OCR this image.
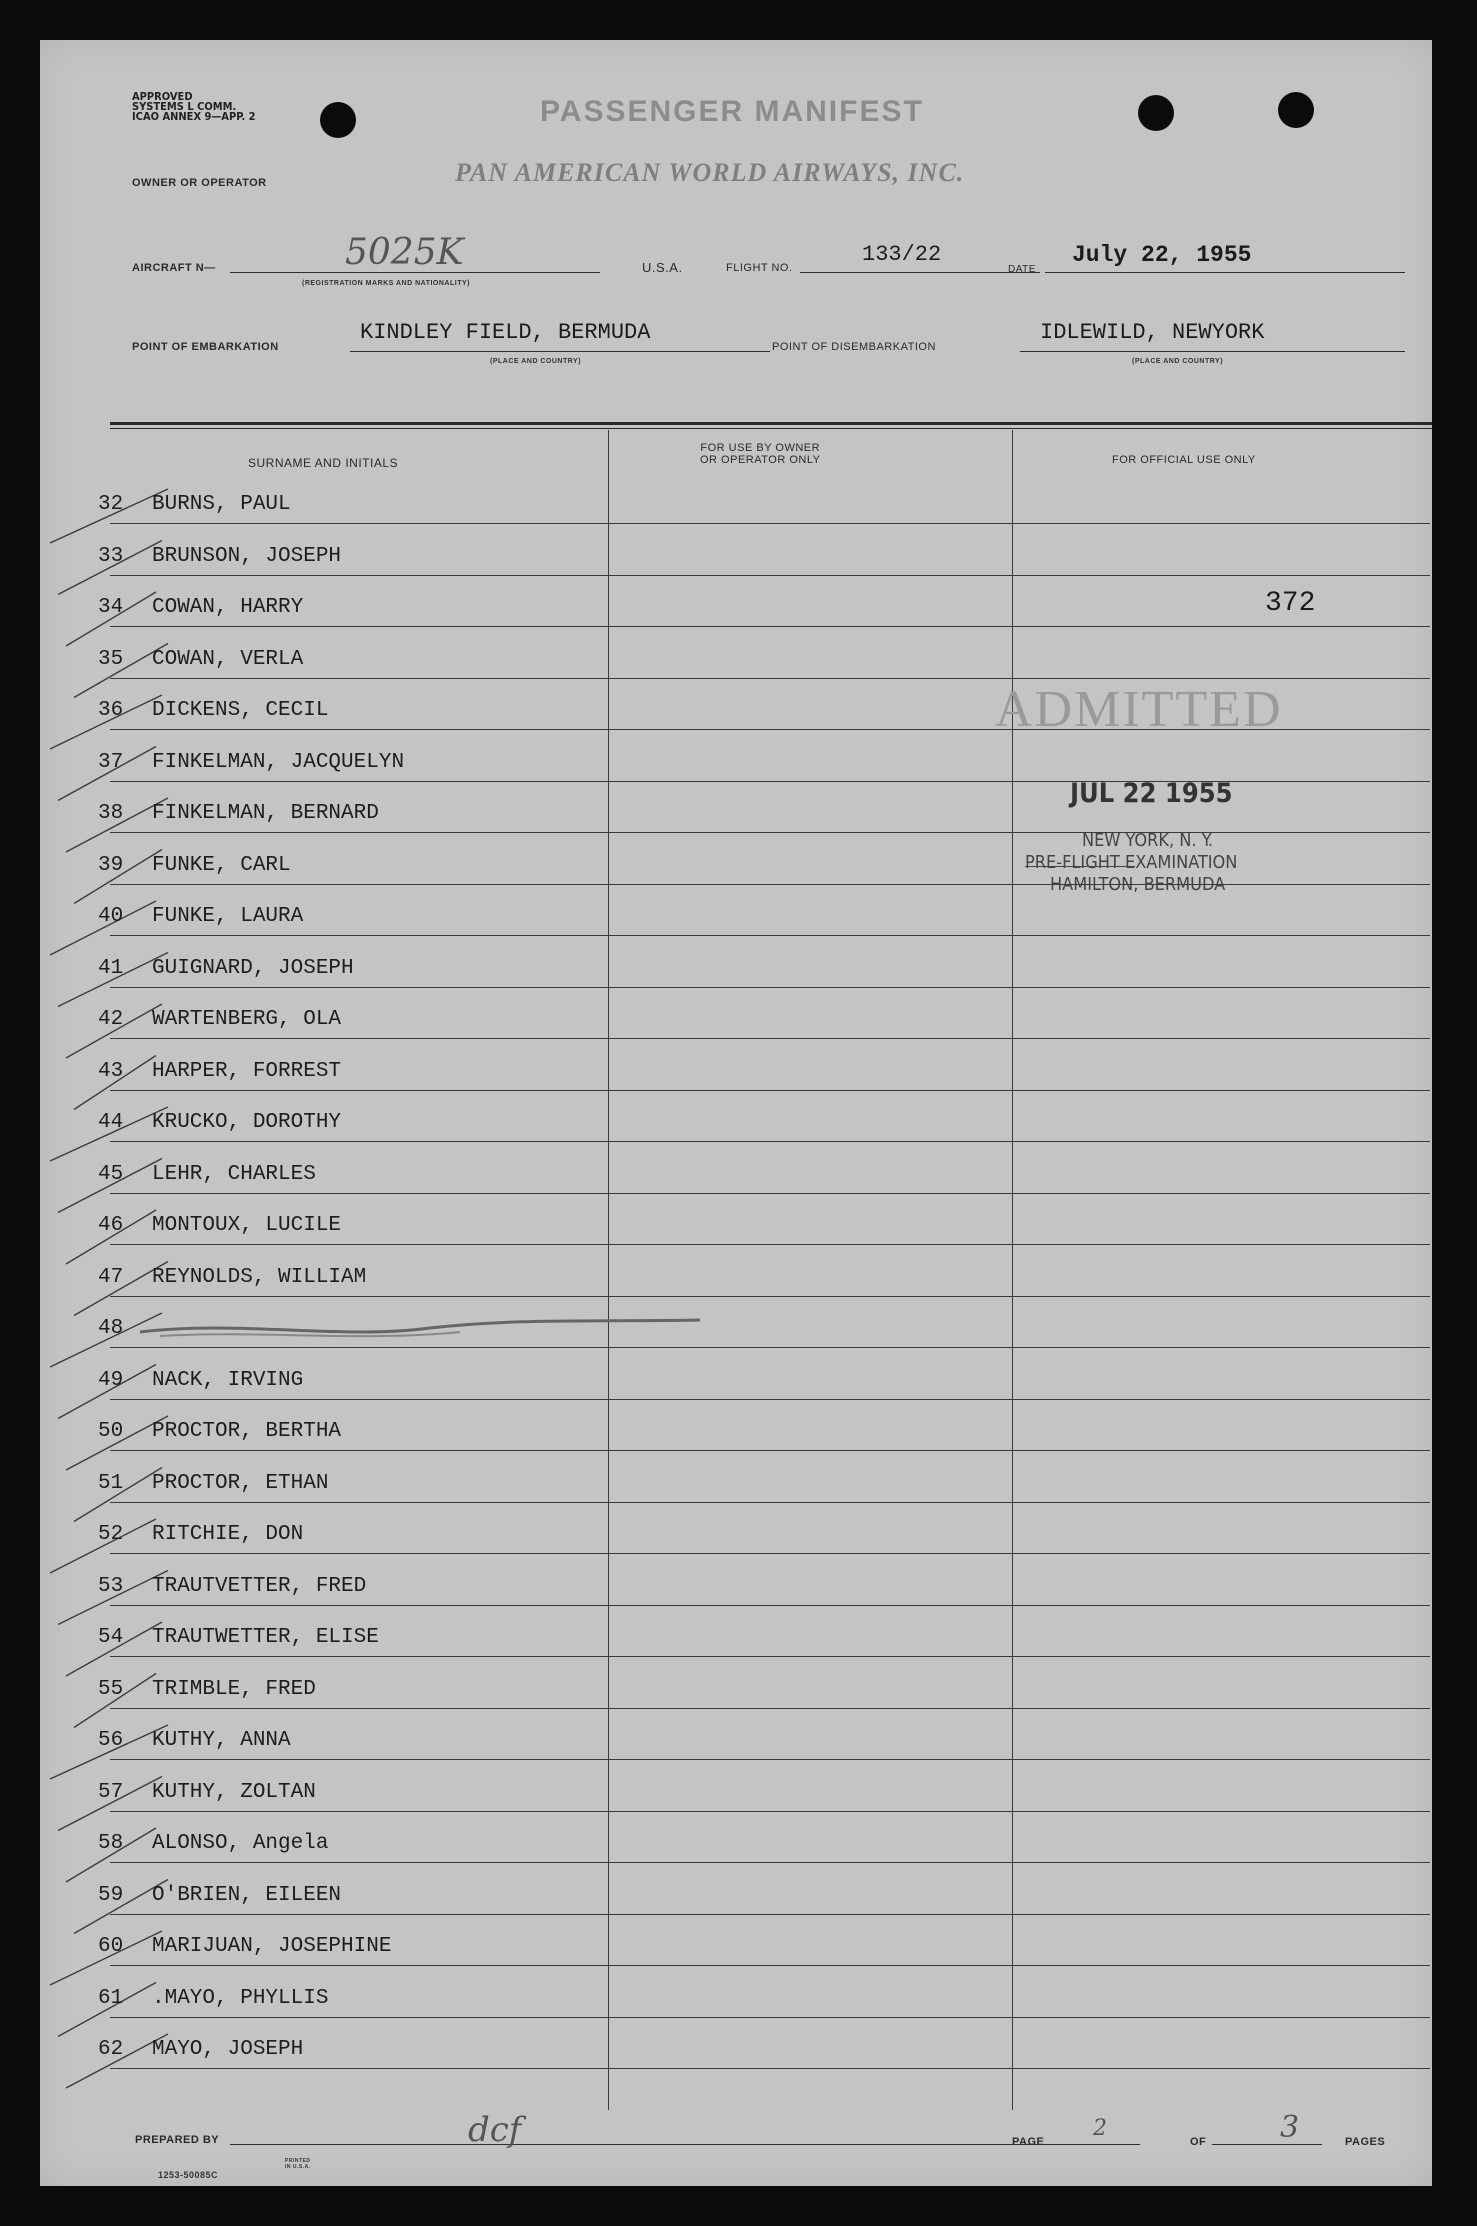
APPROVED
SYSTEMS L COMM.
ICAO ANNEX 9—APP. 2	PASSENGER MANIFEST
OWNER OR OPERATOR	PAN AMERICAN WORLD AIRWAYS, INC.
AIRCRAFT N—	5025K
(REGISTRATION MARKS AND NATIONALITY)
U.S.A.	FLIGHT NO.
133/22
DATE
July 22, 1955
POINT OF EMBARKATION
KINDLEY FIELD, BERMUDA
(PLACE AND COUNTRY)
POINT OF DISEMBARKATION
IDLEWILD, NEWYORK
(PLACE AND COUNTRY)
SURNAME AND INITIALS
FOR USE BY OWNER
OR OPERATOR ONLY	FOR OFFICIAL USE ONLY
372
ADMITTED
JUL 22 1955
NEW YORK, N. Y.
PRE-FLIGHT EXAMINATION
HAMILTON, BERMUDA
PREPARED BY	dcf	PAGE
2
OF 3	PAGES
1253-50085C
PRINTED IN U.S.A.
32 BURNS, PAUL
33 BRUNSON, JOSEPH
34 COWAN, HARRY
35 COWAN, VERLA
36 DICKENS, CECIL
37 FINKELMAN, JACQUELYN
38 FINKELMAN, BERNARD
39 FUNKE, CARL
40 FUNKE, LAURA
41 GUIGNARD, JOSEPH
42 WARTENBERG, OLA
43 HARPER, FORREST
44 KRUCKO, DOROTHY
45 LEHR, CHARLES
46 MONTOUX, LUCILE
47 REYNOLDS, WILLIAM
48
49 NACK, IRVING
50 PROCTOR, BERTHA
51 PROCTOR, ETHAN
52 RITCHIE, DON
53 TRAUTVETTER, FRED
54 TRAUTWETTER, ELISE
55 TRIMBLE, FRED
56 KUTHY, ANNA
57 KUTHY, ZOLTAN
58 ALONSO, Angela
59 O'BRIEN, EILEEN
60 MARIJUAN, JOSEPHINE
61 .MAYO, PHYLLIS
62 MAYO, JOSEPH
